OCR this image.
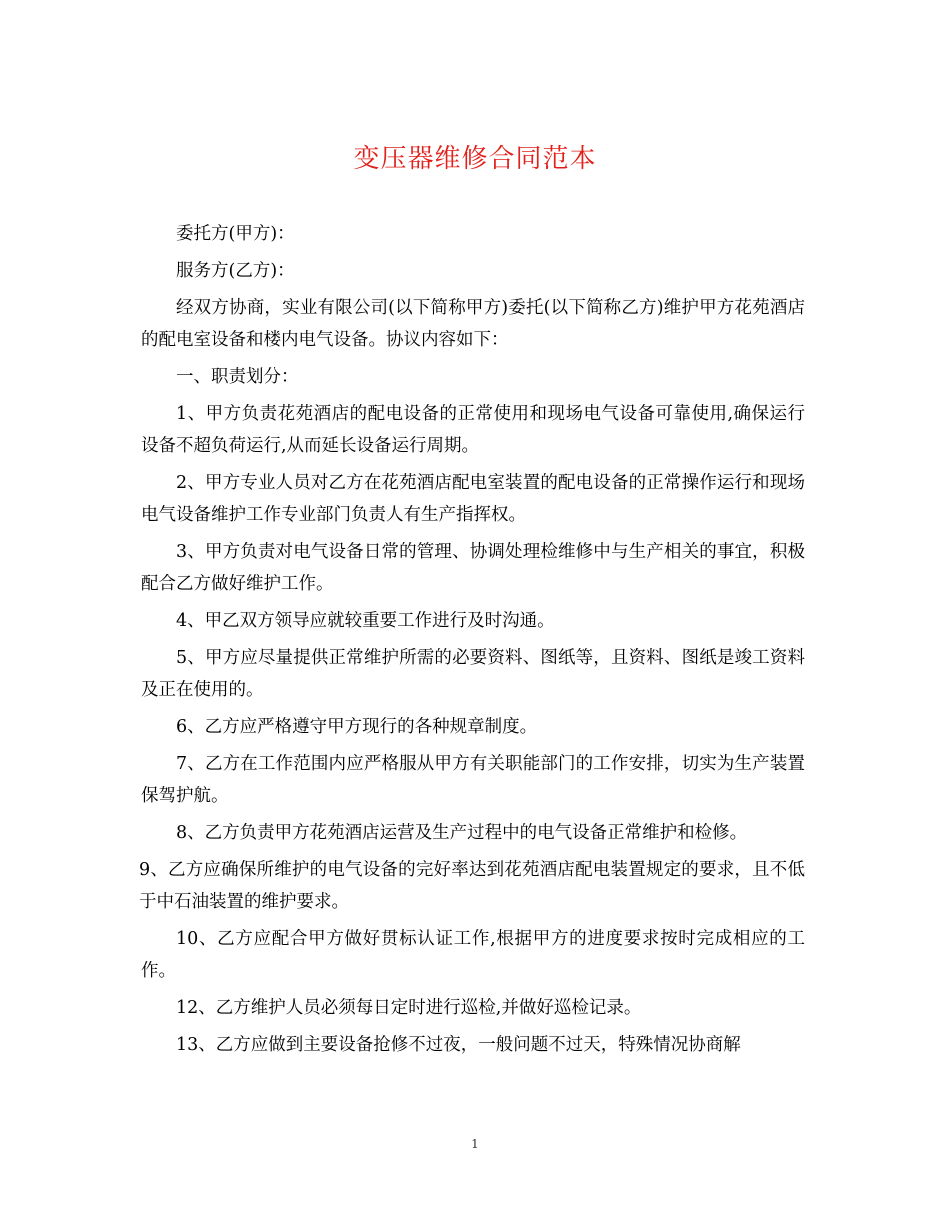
变压器维修合同范本

委托方(甲方)：

服务方(乙方)：

经双方协商，实业有限公司(以下简称甲方)委托(以下简称乙方)维护甲方花苑酒店的配电室设备和楼内电气设备。协议内容如下：

一、职责划分：

1、甲方负责花苑酒店的配电设备的正常使用和现场电气设备可靠使用,确保运行设备不超负荷运行,从而延长设备运行周期。

2、甲方专业人员对乙方在花苑酒店配电室装置的配电设备的正常操作运行和现场电气设备维护工作专业部门负责人有生产指挥权。

3、甲方负责对电气设备日常的管理、协调处理检维修中与生产相关的事宜，积极配合乙方做好维护工作。

4、甲乙双方领导应就较重要工作进行及时沟通。

5、甲方应尽量提供正常维护所需的必要资料、图纸等，且资料、图纸是竣工资料及正在使用的。

6、乙方应严格遵守甲方现行的各种规章制度。

7、乙方在工作范围内应严格服从甲方有关职能部门的工作安排，切实为生产装置保驾护航。

8、乙方负责甲方花苑酒店运营及生产过程中的电气设备正常维护和检修。

9、乙方应确保所维护的电气设备的完好率达到花苑酒店配电装置规定的要求，且不低于中石油装置的维护要求。

10、乙方应配合甲方做好贯标认证工作,根据甲方的进度要求按时完成相应的工作。

12、乙方维护人员必须每日定时进行巡检,并做好巡检记录。

13、乙方应做到主要设备抢修不过夜，一般问题不过天，特殊情况协商解

1
